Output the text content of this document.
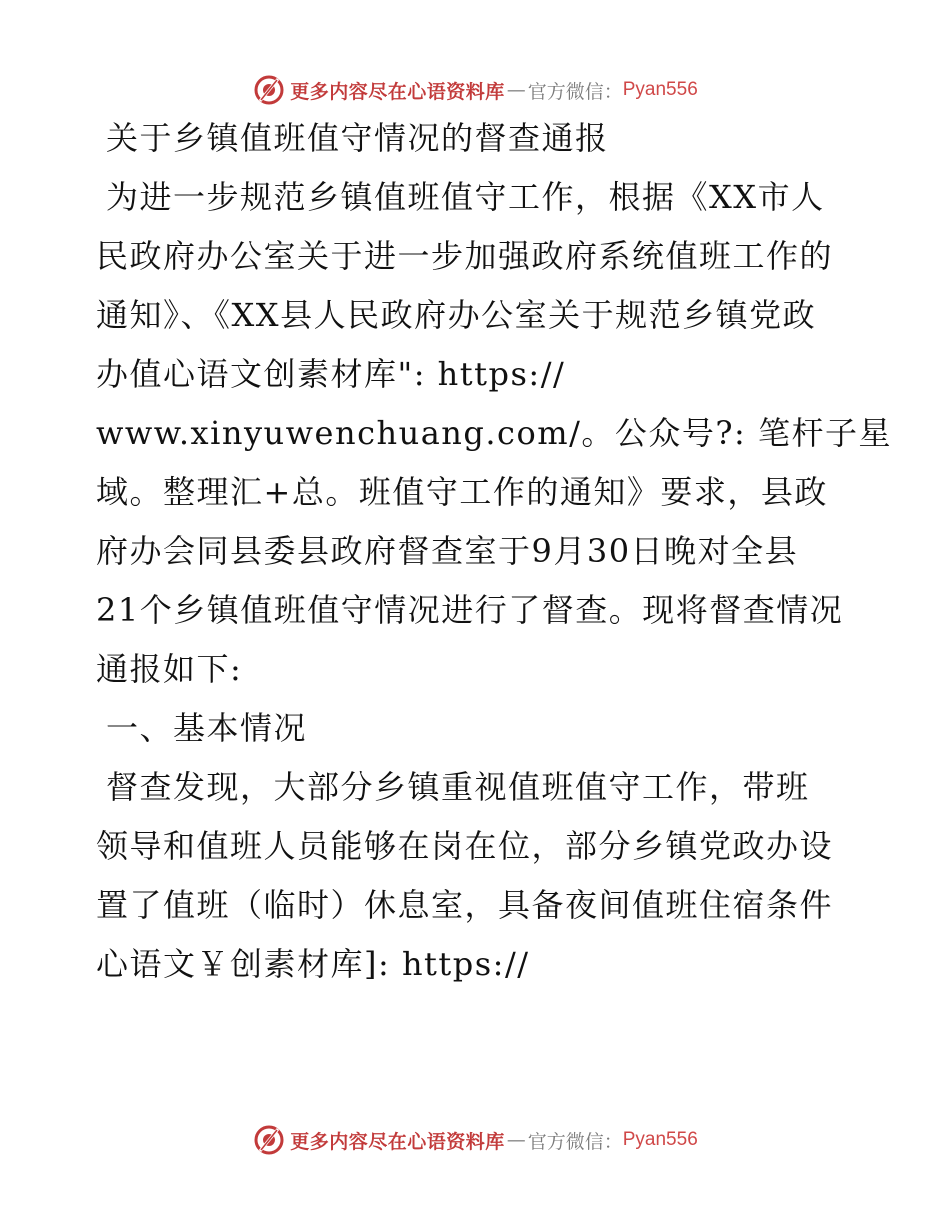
更多内容尽在心语资料库 — 官方微信： Pyan556
关于乡镇值班值守情况的督查通报
为进一步规范乡镇值班值守工作，根据《XX市人
民政府办公室关于进一步加强政府系统值班工作的
通知》、《XX县人民政府办公室关于规范乡镇党政
办值心语文创素材库": https://
www.xinyuwenchuang.com/。公众号?: 笔杆子星
域。整理汇+总。班值守工作的通知》要求，县政
府办会同县委县政府督查室于9月30日晚对全县
21个乡镇值班值守情况进行了督查。现将督查情况
通报如下:
一、基本情况
督查发现，大部分乡镇重视值班值守工作，带班
领导和值班人员能够在岗在位，部分乡镇党政办设
置了值班（临时）休息室，具备夜间值班住宿条件
心语文￥创素材库]: https://
更多内容尽在心语资料库 — 官方微信： Pyan556
